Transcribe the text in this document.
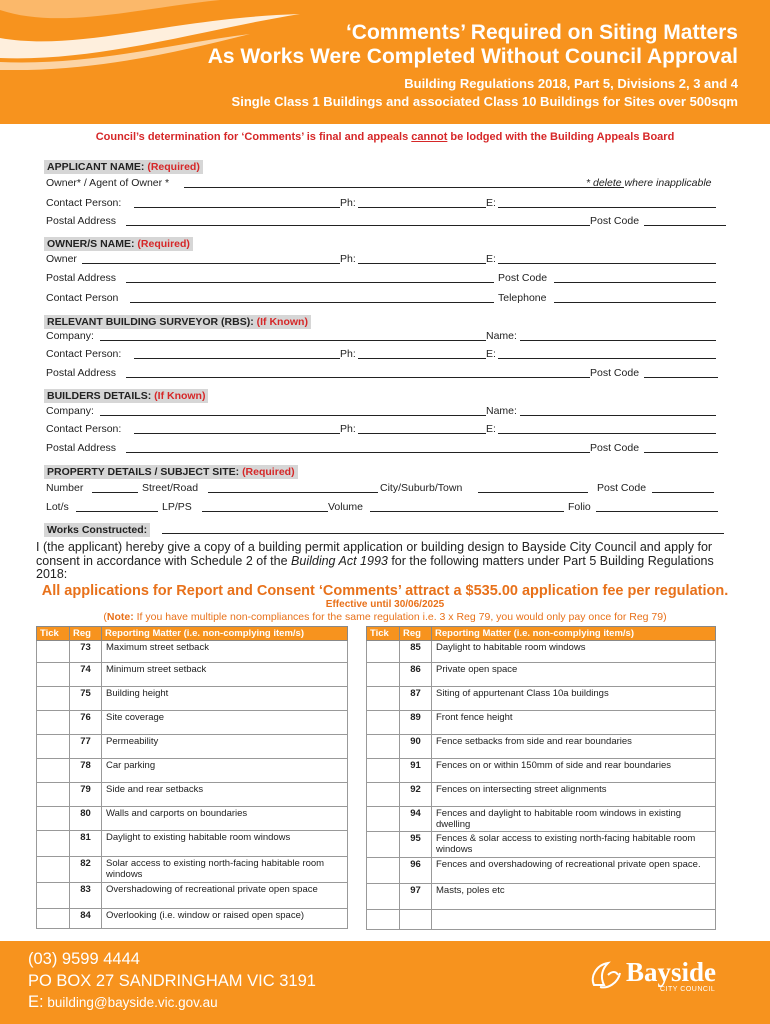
‘Comments’ Required on Siting Matters
As Works Were Completed Without Council Approval
Building Regulations 2018, Part 5, Divisions 2, 3 and 4
Single Class 1 Buildings and associated Class 10 Buildings for Sites over 500sqm
Council’s determination for ‘Comments’ is final and appeals cannot be lodged with the Building Appeals Board
APPLICANT NAME: (Required)
Owner* / Agent of Owner *	* delete where inapplicable
Contact Person:	Ph:	E:
Postal Address	Post Code
OWNER/S NAME: (Required)
Owner	Ph:	E:
Postal Address	Post Code
Contact Person	Telephone
RELEVANT BUILDING SURVEYOR (RBS): (If Known)
Company:	Name:
Contact Person:	Ph:	E:
Postal Address	Post Code
BUILDERS DETAILS: (If Known)
Company:	Name:
Contact Person:	Ph:	E:
Postal Address	Post Code
PROPERTY DETAILS / SUBJECT SITE: (Required)
Number	Street/Road	City/Suburb/Town	Post Code
Lot/s	LP/PS	Volume	Folio
Works Constructed:
I (the applicant) hereby give a copy of a building permit application or building design to Bayside City Council and apply for consent in accordance with Schedule 2 of the Building Act 1993 for the following matters under Part 5 Building Regulations 2018:
All applications for Report and Consent ‘Comments’ attract a $535.00 application fee per regulation.
Effective until 30/06/2025
(Note: If you have multiple non-compliances for the same regulation i.e. 3 x Reg 79, you would only pay once for Reg 79)
Tick	Reg	Reporting Matter (i.e. non-complying item/s)
	73	Maximum street setback
	74	Minimum street setback
	75	Building height
	76	Site coverage
	77	Permeability
	78	Car parking
	79	Side and rear setbacks
	80	Walls and carports on boundaries
	81	Daylight to existing habitable room windows
	82	Solar access to existing north-facing habitable room windows
	83	Overshadowing of recreational private open space
	84	Overlooking (i.e. window or raised open space)
Tick	Reg	Reporting Matter (i.e. non-complying item/s)
	85	Daylight to habitable room windows
	86	Private open space
	87	Siting of appurtenant Class 10a buildings
	89	Front fence height
	90	Fence setbacks from side and rear boundaries
	91	Fences on or within 150mm of side and rear boundaries
	92	Fences on intersecting street alignments
	94	Fences and daylight to habitable room windows in existing dwelling
	95	Fences & solar access to existing north-facing habitable room windows
	96	Fences and overshadowing of recreational private open space.
	97	Masts, poles etc

(03) 9599 4444
PO BOX 27 SANDRINGHAM VIC 3191
E: building@bayside.vic.gov.au
Bayside
CITY COUNCIL
